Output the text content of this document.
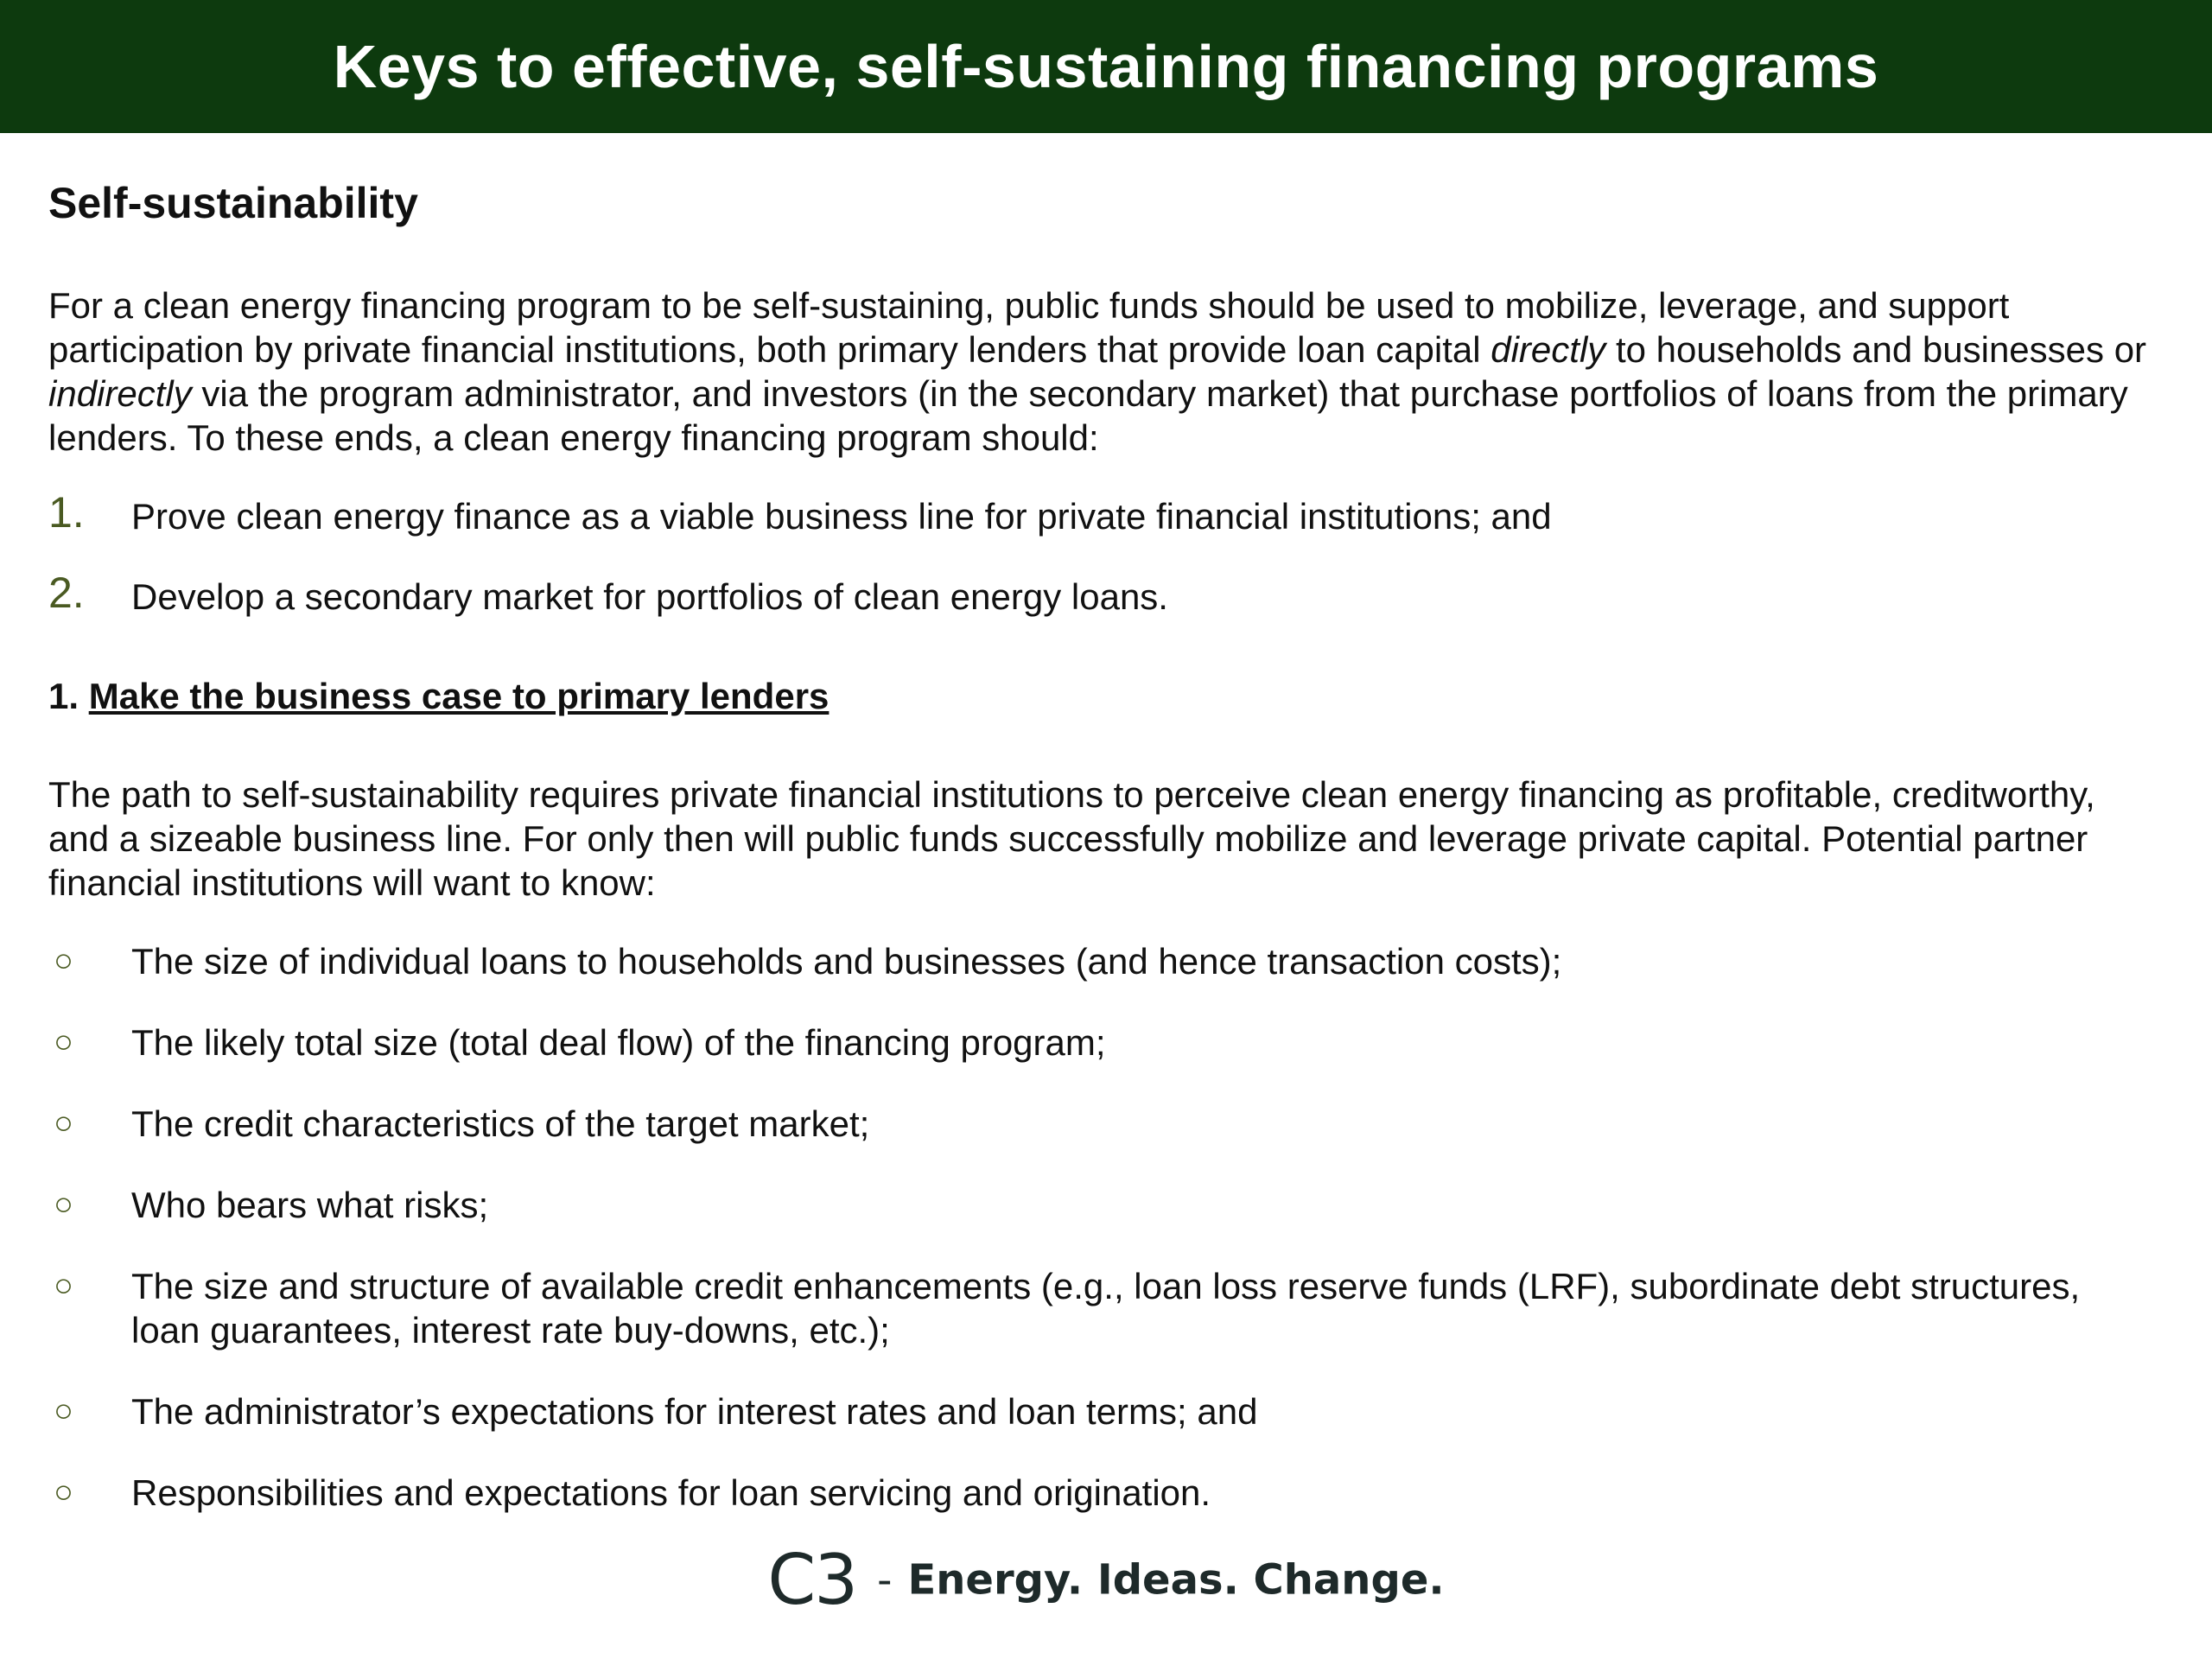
Keys to effective, self-sustaining financing programs
Self-sustainability

For a clean energy financing program to be self-sustaining, public funds should be used to mobilize, leverage, and support participation by private financial institutions, both primary lenders that provide loan capital directly to households and businesses or indirectly via the program administrator, and investors (in the secondary market) that purchase portfolios of loans from the primary lenders. To these ends, a clean energy financing program should:

1. Prove clean energy finance as a viable business line for private financial institutions; and
2. Develop a secondary market for portfolios of clean energy loans.

1. Make the business case to primary lenders

The path to self-sustainability requires private financial institutions to perceive clean energy financing as profitable, creditworthy, and a sizeable business line. For only then will public funds successfully mobilize and leverage private capital. Potential partner financial institutions will want to know:

○ The size of individual loans to households and businesses (and hence transaction costs);
○ The likely total size (total deal flow) of the financing program;
○ The credit characteristics of the target market;
○ Who bears what risks;
○ The size and structure of available credit enhancements (e.g., loan loss reserve funds (LRF), subordinate debt structures, loan guarantees, interest rate buy-downs, etc.);
○ The administrator’s expectations for interest rates and loan terms; and
○ Responsibilities and expectations for loan servicing and origination.
C3 - Energy. Ideas. Change.
